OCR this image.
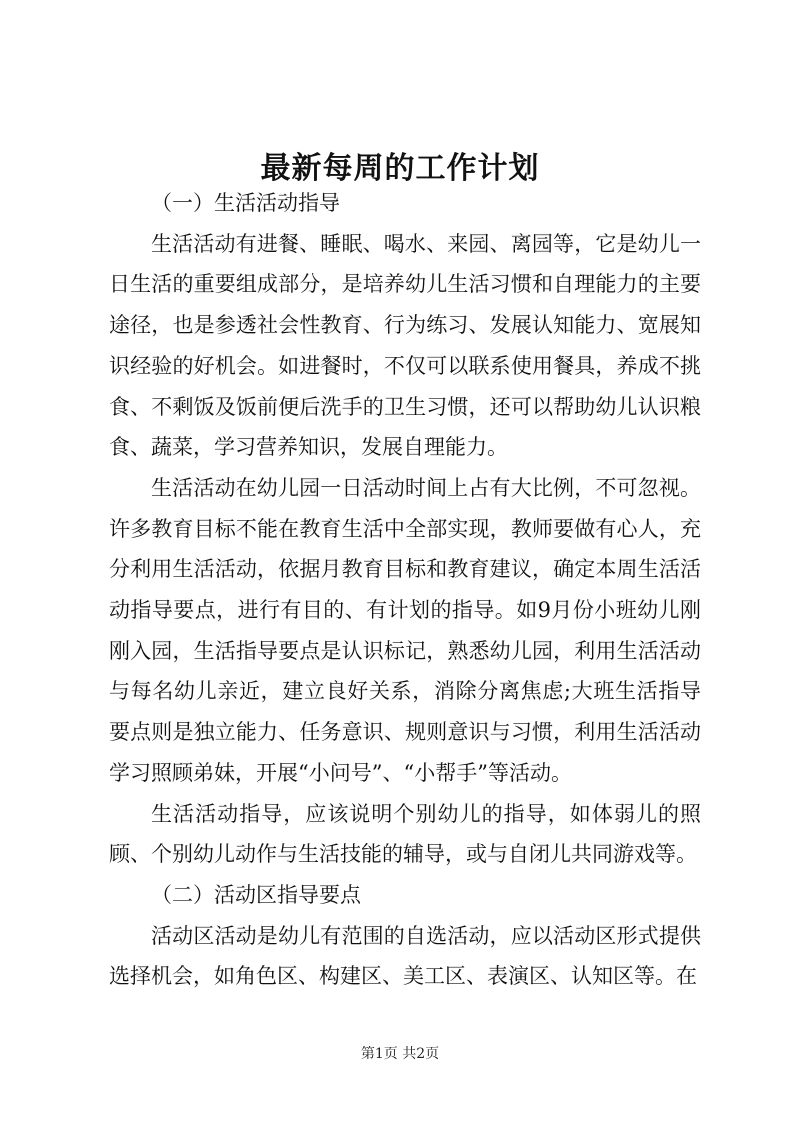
最新每周的工作计划

（一）生活活动指导

生活活动有进餐、睡眠、喝水、来园、离园等，它是幼儿一日生活的重要组成部分，是培养幼儿生活习惯和自理能力的主要途径，也是参透社会性教育、行为练习、发展认知能力、宽展知识经验的好机会。如进餐时，不仅可以联系使用餐具，养成不挑食、不剩饭及饭前便后洗手的卫生习惯，还可以帮助幼儿认识粮食、蔬菜，学习营养知识，发展自理能力。

生活活动在幼儿园一日活动时间上占有大比例，不可忽视。许多教育目标不能在教育生活中全部实现，教师要做有心人，充分利用生活活动，依据月教育目标和教育建议，确定本周生活活动指导要点，进行有目的、有计划的指导。如9月份小班幼儿刚刚入园，生活指导要点是认识标记，熟悉幼儿园，利用生活活动与每名幼儿亲近，建立良好关系，消除分离焦虑;大班生活指导要点则是独立能力、任务意识、规则意识与习惯，利用生活活动学习照顾弟妹，开展“小问号”、“小帮手”等活动。

生活活动指导，应该说明个别幼儿的指导，如体弱儿的照顾、个别幼儿动作与生活技能的辅导，或与自闭儿共同游戏等。

（二）活动区指导要点

活动区活动是幼儿有范围的自选活动，应以活动区形式提供选择机会，如角色区、构建区、美工区、表演区、认知区等。在

第1页 共2页
